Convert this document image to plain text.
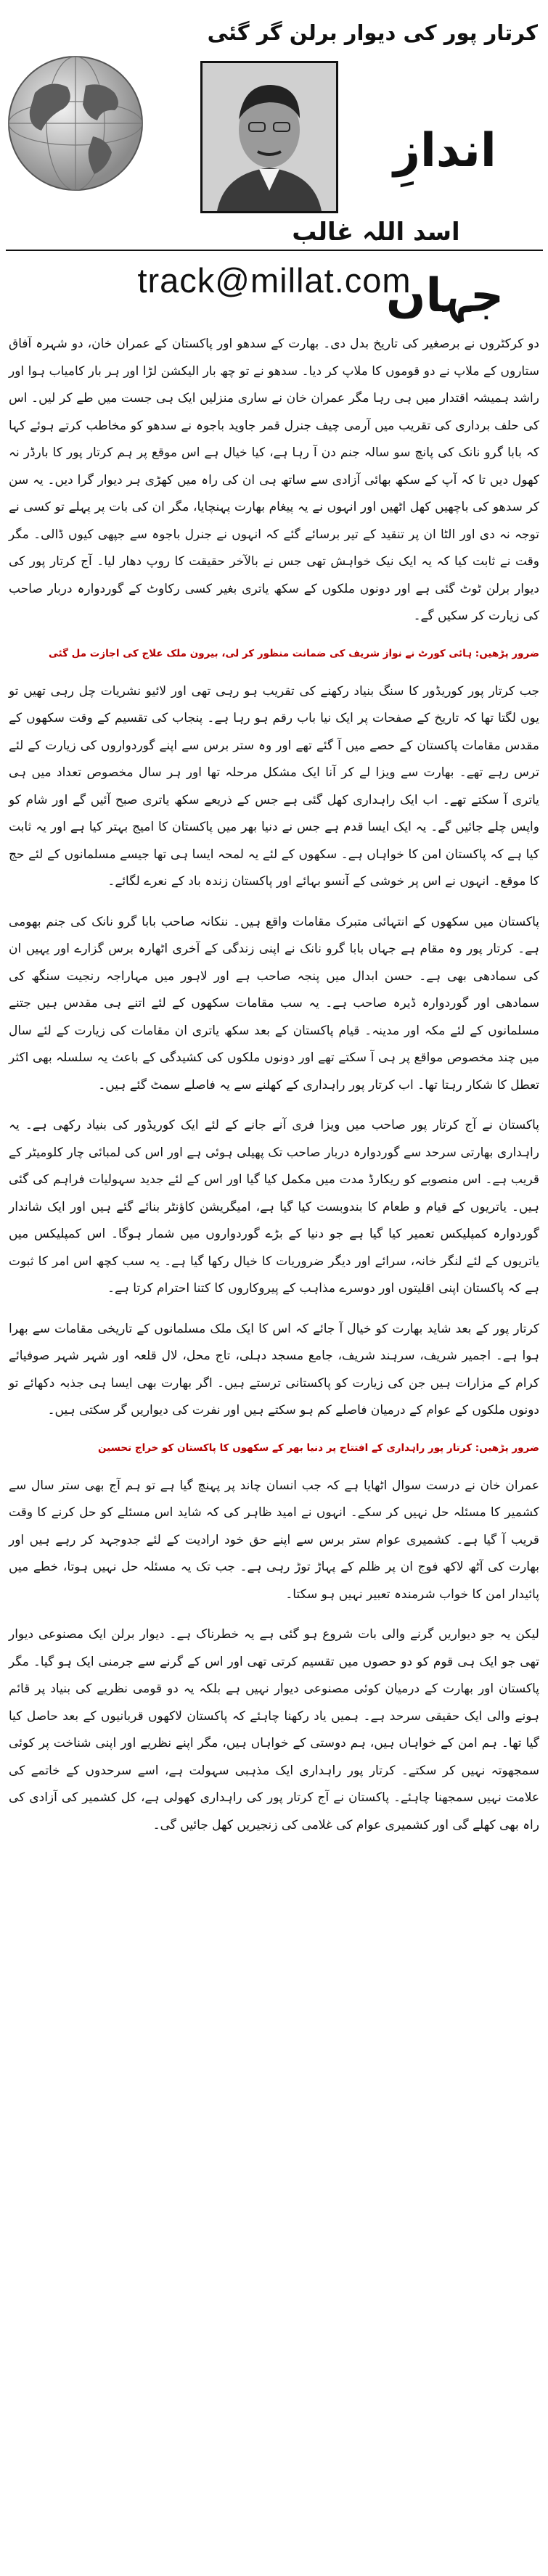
کرتار پور کی دیوار برلن گر گئی
اندازِ جہاں
اسد اللہ غالب
track@millat.com

دو کرکٹروں نے برصغیر کی تاریخ بدل دی۔ بھارت کے سدھو اور پاکستان کے عمران خان، دو شہرہ آفاق ستاروں کے ملاپ نے دو قوموں کا ملاپ کر دیا۔ سدھو نے تو چھ بار الیکشن لڑا اور ہر بار کامیاب ہوا اور راشد ہمیشہ اقتدار میں ہی رہا مگر عمران خان نے ساری منزلیں ایک ہی جست میں طے کر لیں۔ اس کی حلف برداری کی تقریب میں آرمی چیف جنرل قمر جاوید باجوہ نے سدھو کو مخاطب کرتے ہوئے کہا کہ بابا گرو نانک کی پانچ سو سالہ جنم دن آ رہا ہے، کیا خیال ہے اس موقع پر ہم کرتار پور کا بارڈر نہ کھول دیں تا کہ آپ کے سکھ بھائی آزادی سے ساتھ ہی ان کی راہ میں کھڑی ہر دیوار گرا دیں۔ یہ سن کر سدھو کی باچھیں کھل اٹھیں اور انہوں نے یہ پیغام بھارت پہنچایا، مگر ان کی بات پر پہلے تو کسی نے توجہ نہ دی اور الٹا ان پر تنقید کے تیر برسائے گئے کہ انہوں نے جنرل باجوہ سے جپھی کیوں ڈالی۔ مگر وقت نے ثابت کیا کہ یہ ایک نیک خواہش تھی جس نے بالآخر حقیقت کا روپ دھار لیا۔ آج کرتار پور کی دیوار برلن ٹوٹ گئی ہے اور دونوں ملکوں کے سکھ یاتری بغیر کسی رکاوٹ کے گوردوارہ دربار صاحب کی زیارت کر سکیں گے۔

ضرور پڑھیں: ہائی کورٹ نے نواز شریف کی ضمانت منظور کر لی، بیرون ملک علاج کی اجازت مل گئی

جب کرتار پور کوریڈور کا سنگ بنیاد رکھنے کی تقریب ہو رہی تھی اور لائیو نشریات چل رہی تھیں تو یوں لگتا تھا کہ تاریخ کے صفحات پر ایک نیا باب رقم ہو رہا ہے۔ پنجاب کی تقسیم کے وقت سکھوں کے مقدس مقامات پاکستان کے حصے میں آ گئے تھے اور وہ ستر برس سے اپنے گوردواروں کی زیارت کے لئے ترس رہے تھے۔ بھارت سے ویزا لے کر آنا ایک مشکل مرحلہ تھا اور ہر سال مخصوص تعداد میں ہی یاتری آ سکتے تھے۔ اب ایک راہداری کھل گئی ہے جس کے ذریعے سکھ یاتری صبح آئیں گے اور شام کو واپس چلے جائیں گے۔ یہ ایک ایسا قدم ہے جس نے دنیا بھر میں پاکستان کا امیج بہتر کیا ہے اور یہ ثابت کیا ہے کہ پاکستان امن کا خواہاں ہے۔ سکھوں کے لئے یہ لمحہ ایسا ہی تھا جیسے مسلمانوں کے لئے حج کا موقع۔ انہوں نے اس پر خوشی کے آنسو بہائے اور پاکستان زندہ باد کے نعرے لگائے۔

پاکستان میں سکھوں کے انتہائی متبرک مقامات واقع ہیں۔ ننکانہ صاحب بابا گرو نانک کی جنم بھومی ہے۔ کرتار پور وہ مقام ہے جہاں بابا گرو نانک نے اپنی زندگی کے آخری اٹھارہ برس گزارے اور یہیں ان کی سمادھی بھی ہے۔ حسن ابدال میں پنجہ صاحب ہے اور لاہور میں مہاراجہ رنجیت سنگھ کی سمادھی اور گوردوارہ ڈیرہ صاحب ہے۔ یہ سب مقامات سکھوں کے لئے اتنے ہی مقدس ہیں جتنے مسلمانوں کے لئے مکہ اور مدینہ۔ قیام پاکستان کے بعد سکھ یاتری ان مقامات کی زیارت کے لئے سال میں چند مخصوص مواقع پر ہی آ سکتے تھے اور دونوں ملکوں کی کشیدگی کے باعث یہ سلسلہ بھی اکثر تعطل کا شکار رہتا تھا۔ اب کرتار پور راہداری کے کھلنے سے یہ فاصلے سمٹ گئے ہیں۔

پاکستان نے آج کرتار پور صاحب میں ویزا فری آنے جانے کے لئے ایک کوریڈور کی بنیاد رکھی ہے۔ یہ راہداری بھارتی سرحد سے گوردوارہ دربار صاحب تک پھیلی ہوئی ہے اور اس کی لمبائی چار کلومیٹر کے قریب ہے۔ اس منصوبے کو ریکارڈ مدت میں مکمل کیا گیا اور اس کے لئے جدید سہولیات فراہم کی گئی ہیں۔ یاتریوں کے قیام و طعام کا بندوبست کیا گیا ہے، امیگریشن کاؤنٹر بنائے گئے ہیں اور ایک شاندار گوردوارہ کمپلیکس تعمیر کیا گیا ہے جو دنیا کے بڑے گوردواروں میں شمار ہوگا۔ اس کمپلیکس میں یاتریوں کے لئے لنگر خانہ، سرائے اور دیگر ضروریات کا خیال رکھا گیا ہے۔ یہ سب کچھ اس امر کا ثبوت ہے کہ پاکستان اپنی اقلیتوں اور دوسرے مذاہب کے پیروکاروں کا کتنا احترام کرتا ہے۔

کرتار پور کے بعد شاید بھارت کو خیال آ جائے کہ اس کا ایک ملک مسلمانوں کے تاریخی مقامات سے بھرا ہوا ہے۔ اجمیر شریف، سرہند شریف، جامع مسجد دہلی، تاج محل، لال قلعہ اور شہر شہر صوفیائے کرام کے مزارات ہیں جن کی زیارت کو پاکستانی ترستے ہیں۔ اگر بھارت بھی ایسا ہی جذبہ دکھائے تو دونوں ملکوں کے عوام کے درمیان فاصلے کم ہو سکتے ہیں اور نفرت کی دیواریں گر سکتی ہیں۔

ضرور پڑھیں: کرتار پور راہداری کے افتتاح پر دنیا بھر کے سکھوں کا پاکستان کو خراج تحسین

عمران خان نے درست سوال اٹھایا ہے کہ جب انسان چاند پر پہنچ گیا ہے تو ہم آج بھی ستر سال سے کشمیر کا مسئلہ حل نہیں کر سکے۔ انہوں نے امید ظاہر کی کہ شاید اس مسئلے کو حل کرنے کا وقت قریب آ گیا ہے۔ کشمیری عوام ستر برس سے اپنے حق خود ارادیت کے لئے جدوجہد کر رہے ہیں اور بھارت کی آٹھ لاکھ فوج ان پر ظلم کے پہاڑ توڑ رہی ہے۔ جب تک یہ مسئلہ حل نہیں ہوتا، خطے میں پائیدار امن کا خواب شرمندہ تعبیر نہیں ہو سکتا۔

لیکن یہ جو دیواریں گرنے والی بات شروع ہو گئی ہے یہ خطرناک ہے۔ دیوار برلن ایک مصنوعی دیوار تھی جو ایک ہی قوم کو دو حصوں میں تقسیم کرتی تھی اور اس کے گرنے سے جرمنی ایک ہو گیا۔ مگر پاکستان اور بھارت کے درمیان کوئی مصنوعی دیوار نہیں ہے بلکہ یہ دو قومی نظریے کی بنیاد پر قائم ہونے والی ایک حقیقی سرحد ہے۔ ہمیں یاد رکھنا چاہئے کہ پاکستان لاکھوں قربانیوں کے بعد حاصل کیا گیا تھا۔ ہم امن کے خواہاں ہیں، ہم دوستی کے خواہاں ہیں، مگر اپنے نظریے اور اپنی شناخت پر کوئی سمجھوتہ نہیں کر سکتے۔ کرتار پور راہداری ایک مذہبی سہولت ہے، اسے سرحدوں کے خاتمے کی علامت نہیں سمجھنا چاہئے۔ پاکستان نے آج کرتار پور کی راہداری کھولی ہے، کل کشمیر کی آزادی کی راہ بھی کھلے گی اور کشمیری عوام کی غلامی کی زنجیریں کھل جائیں گی۔
